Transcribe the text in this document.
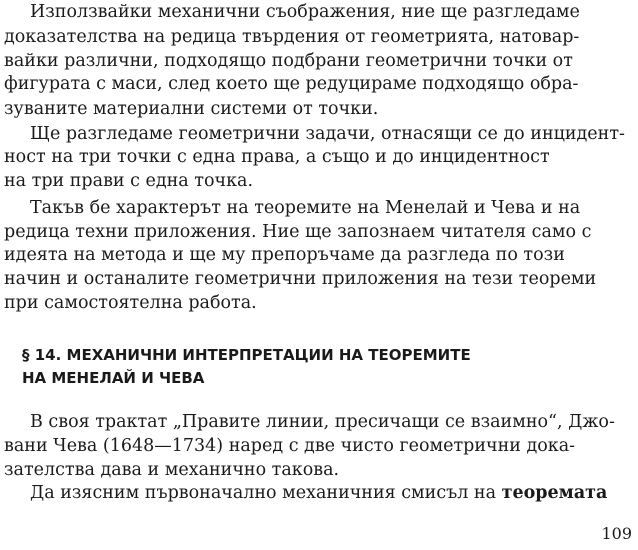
Използвайки механични съображения, ние ще разгледаме
доказателства на редица твърдения от геометрията, натовар-
вайки различни, подходящо подбрани геометрични точки от
фигурата с маси, след което ще редуцираме подходящо обра-
зуваните материални системи от точки.
Ще разгледаме геометрични задачи, отнасящи се до инцидент-
ност на три точки с една права, а също и до инцидентност
на три прави с една точка.
Такъв бе характерът на теоремите на Менелай и Чева и на
редица техни приложения. Ние ще запознаем читателя само с
идеята на метода и ще му препоръчаме да разгледа по този
начин и останалите геометрични приложения на тези теореми
при самостоятелна работа.
§ 14. МЕХАНИЧНИ ИНТЕРПРЕТАЦИИ НА ТЕОРЕМИТЕ
НА МЕНЕЛАЙ И ЧЕВА
В своя трактат „Правите линии, пресичащи се взаимно“, Джо-
вани Чева (1648—1734) наред с две чисто геометрични дока-
зателства дава и механично такова.
Да изясним първоначално механичния смисъл на теоремата
109
